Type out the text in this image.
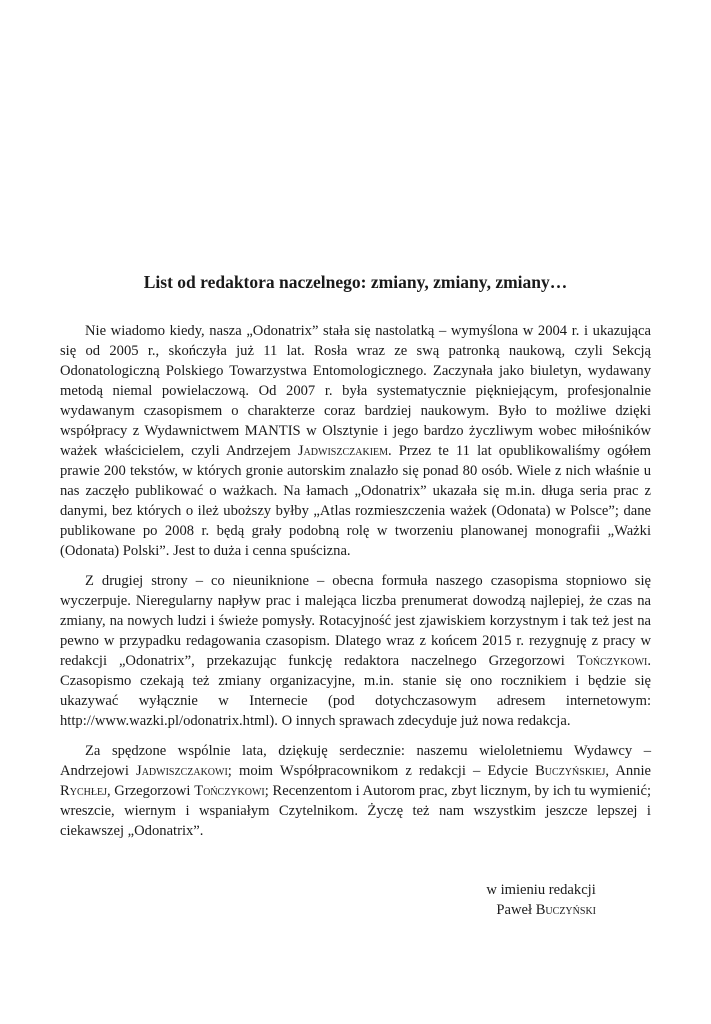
List od redaktora naczelnego: zmiany, zmiany, zmiany…

Nie wiadomo kiedy, nasza „Odonatrix” stała się nastolatką – wymyślona w 2004 r. i ukazująca się od 2005 r., skończyła już 11 lat. Rosła wraz ze swą patronką naukową, czyli Sekcją Odonatologiczną Polskiego Towarzystwa Entomologicznego. Zaczynała jako biuletyn, wydawany metodą niemal powielaczową. Od 2007 r. była systematycznie piękniejącym, profesjonalnie wydawanym czasopismem o charakterze coraz bardziej naukowym. Było to możliwe dzięki współpracy z Wydawnictwem MANTIS w Olsztynie i jego bardzo życzliwym wobec miłośników ważek właścicielem, czyli Andrzejem Jadwiszczakiem. Przez te 11 lat opublikowaliśmy ogółem prawie 200 tekstów, w których gronie autorskim znalazło się ponad 80 osób. Wiele z nich właśnie u nas zaczęło publikować o ważkach. Na łamach „Odonatrix” ukazała się m.in. długa seria prac z danymi, bez których o ileż uboższy byłby „Atlas rozmieszczenia ważek (Odonata) w Polsce”; dane publikowane po 2008 r. będą grały podobną rolę w tworzeniu planowanej monografii „Ważki (Odonata) Polski”. Jest to duża i cenna spuścizna.

Z drugiej strony – co nieuniknione – obecna formuła naszego czasopisma stopniowo się wyczerpuje. Nieregularny napływ prac i malejąca liczba prenumerat dowodzą najlepiej, że czas na zmiany, na nowych ludzi i świeże pomysły. Rotacyjność jest zjawiskiem korzystnym i tak też jest na pewno w przypadku redagowania czasopism. Dlatego wraz z końcem 2015 r. rezygnuję z pracy w redakcji „Odonatrix”, przekazując funkcję redaktora naczelnego Grzegorzowi Tończykowi. Czasopismo czekają też zmiany organizacyjne, m.in. stanie się ono rocznikiem i będzie się ukazywać wyłącznie w Internecie (pod dotychczasowym adresem internetowym: http://www.wazki.pl/odonatrix.html). O innych sprawach zdecyduje już nowa redakcja.

Za spędzone wspólnie lata, dziękuję serdecznie: naszemu wieloletniemu Wydawcy – Andrzejowi Jadwiszczakowi; moim Współpracownikom z redakcji – Edycie Buczyńskiej, Annie Rychłej, Grzegorzowi Tończykowi; Recenzentom i Autorom prac, zbyt licznym, by ich tu wymienić; wreszcie, wiernym i wspaniałym Czytelnikom. Życzę też nam wszystkim jeszcze lepszej i ciekawszej „Odonatrix”.

w imieniu redakcji
Paweł Buczyński
